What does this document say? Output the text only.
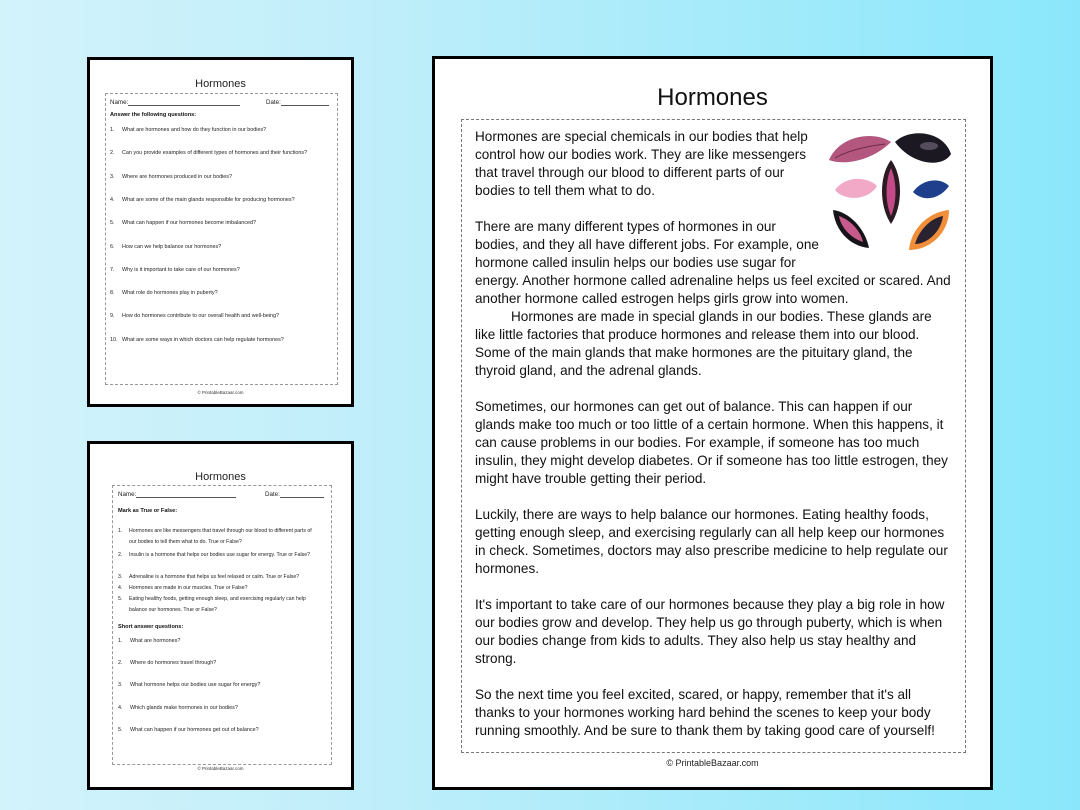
Hormones
Name:	Date:
Answer the following questions:
1. What are hormones and how do they function in our bodies?
2. Can you provide examples of different types of hormones and their functions?
3. Where are hormones produced in our bodies?
4. What are some of the main glands responsible for producing hormones?
5. What can happen if our hormones become imbalanced?
6. How can we help balance our hormones?
7. Why is it important to take care of our hormones?
8. What role do hormones play in puberty?
9. How do hormones contribute to our overall health and well-being?
10. What are some ways in which doctors can help regulate hormones?
© PrintableBazaar.com
Hormones
Name:	Date:
Mark as True or False:
1. Hormones are like messengers that travel through our blood to different parts of our bodies to tell them what to do. True or False?
2. Insulin is a hormone that helps our bodies use sugar for energy. True or False?
3. Adrenaline is a hormone that helps us feel relaxed or calm. True or False?
4. Hormones are made in our muscles. True or False?
5. Eating healthy foods, getting enough sleep, and exercising regularly can help balance our hormones. True or False?
Short answer questions:
1. What are hormones?
2. Where do hormones travel through?
3. What hormone helps our bodies use sugar for energy?
4. Which glands make hormones in our bodies?
5. What can happen if our hormones get out of balance?
© PrintableBazaar.com
Hormones

Hormones are special chemicals in our bodies that help control how our bodies work. They are like messengers that travel through our blood to different parts of our bodies to tell them what to do.

There are many different types of hormones in our bodies, and they all have different jobs. For example, one hormone called insulin helps our bodies use sugar for energy. Another hormone called adrenaline helps us feel excited or scared. And another hormone called estrogen helps girls grow into women.

Hormones are made in special glands in our bodies. These glands are like little factories that produce hormones and release them into our blood. Some of the main glands that make hormones are the pituitary gland, the thyroid gland, and the adrenal glands.

Sometimes, our hormones can get out of balance. This can happen if our glands make too much or too little of a certain hormone. When this happens, it can cause problems in our bodies. For example, if someone has too much insulin, they might develop diabetes. Or if someone has too little estrogen, they might have trouble getting their period.

Luckily, there are ways to help balance our hormones. Eating healthy foods, getting enough sleep, and exercising regularly can all help keep our hormones in check. Sometimes, doctors may also prescribe medicine to help regulate our hormones.

It's important to take care of our hormones because they play a big role in how our bodies grow and develop. They help us go through puberty, which is when our bodies change from kids to adults. They also help us stay healthy and strong.

So the next time you feel excited, scared, or happy, remember that it's all thanks to your hormones working hard behind the scenes to keep your body running smoothly. And be sure to thank them by taking good care of yourself!

© PrintableBazaar.com
